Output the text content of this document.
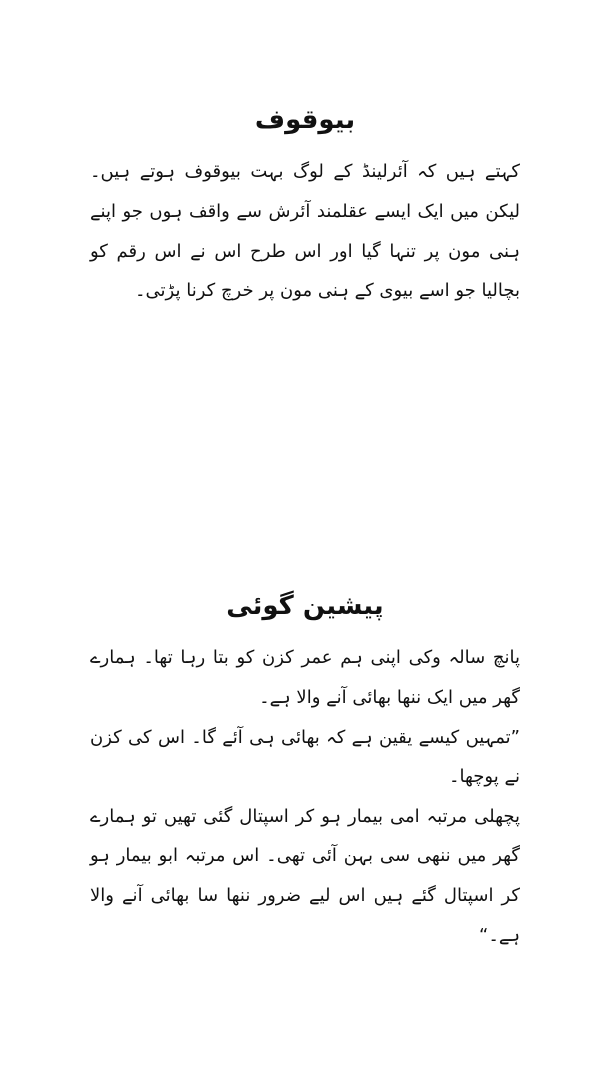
بیوقوف

کہتے ہیں کہ آئرلینڈ کے لوگ بہت بیوقوف ہوتے ہیں۔ لیکن میں ایک ایسے عقلمند آئرش سے واقف ہوں جو اپنے ہنی مون پر تنہا گیا اور اس طرح اس نے اس رقم کو بچالیا جو اسے بیوی کے ہنی مون پر خرچ کرنا پڑتی۔

پیشین گوئی

پانچ سالہ وکی اپنی ہم عمر کزن کو بتا رہا تھا۔ ہمارے گھر میں ایک ننھا بھائی آنے والا ہے۔

”تمہیں کیسے یقین ہے کہ بھائی ہی آئے گا۔ اس کی کزن نے پوچھا۔

پچھلی مرتبہ امی بیمار ہو کر اسپتال گئی تھیں تو ہمارے گھر میں ننھی سی بہن آئی تھی۔ اس مرتبہ ابو بیمار ہو کر اسپتال گئے ہیں اس لیے ضرور ننھا سا بھائی آنے والا ہے۔“
